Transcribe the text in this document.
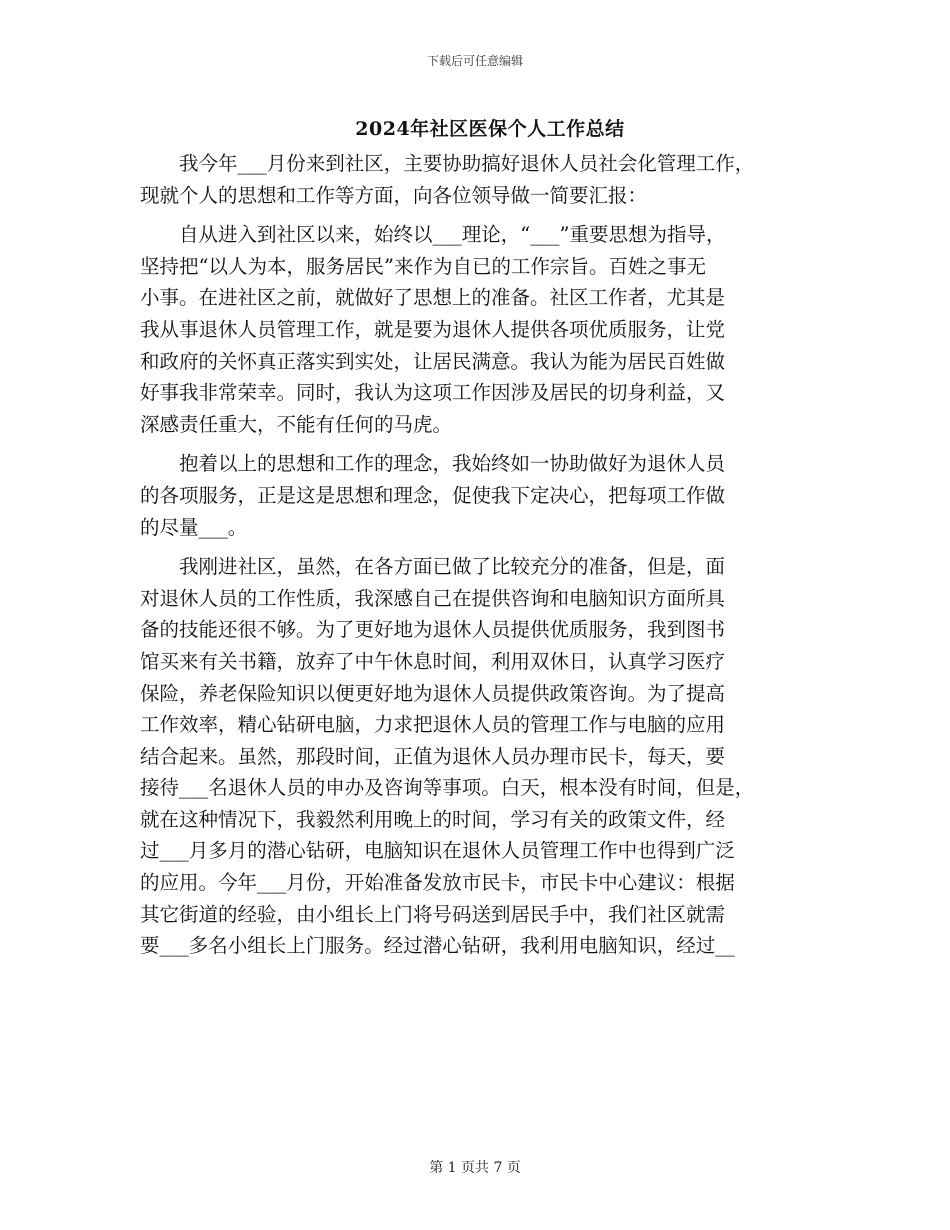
下载后可任意编辑
2024年社区医保个人工作总结
　　我今年___月份来到社区，主要协助搞好退休人员社会化管理工作，
现就个人的思想和工作等方面，向各位领导做一简要汇报：
　　自从进入到社区以来，始终以___理论，“___”重要思想为指导，
坚持把“以人为本，服务居民”来作为自已的工作宗旨。百姓之事无
小事。在进社区之前，就做好了思想上的准备。社区工作者，尤其是
我从事退休人员管理工作，就是要为退休人提供各项优质服务，让党
和政府的关怀真正落实到实处，让居民满意。我认为能为居民百姓做
好事我非常荣幸。同时，我认为这项工作因涉及居民的切身利益，又
深感责任重大，不能有任何的马虎。
　　抱着以上的思想和工作的理念，我始终如一协助做好为退休人员
的各项服务，正是这是思想和理念，促使我下定决心，把每项工作做
的尽量___。
　　我刚进社区，虽然，在各方面已做了比较充分的准备，但是，面
对退休人员的工作性质，我深感自己在提供咨询和电脑知识方面所具
备的技能还很不够。为了更好地为退休人员提供优质服务，我到图书
馆买来有关书籍，放弃了中午休息时间，利用双休日，认真学习医疗
保险，养老保险知识以便更好地为退休人员提供政策咨询。为了提高
工作效率，精心钻研电脑，力求把退休人员的管理工作与电脑的应用
结合起来。虽然，那段时间，正值为退休人员办理市民卡，每天，要
接待___名退休人员的申办及咨询等事项。白天，根本没有时间，但是，
就在这种情况下，我毅然利用晚上的时间，学习有关的政策文件，经
过___月多月的潜心钻研，电脑知识在退休人员管理工作中也得到广泛
的应用。今年___月份，开始准备发放市民卡，市民卡中心建议：根据
其它街道的经验，由小组长上门将号码送到居民手中，我们社区就需
要___多名小组长上门服务。经过潜心钻研，我利用电脑知识，经过__
第 1 页共 7 页
